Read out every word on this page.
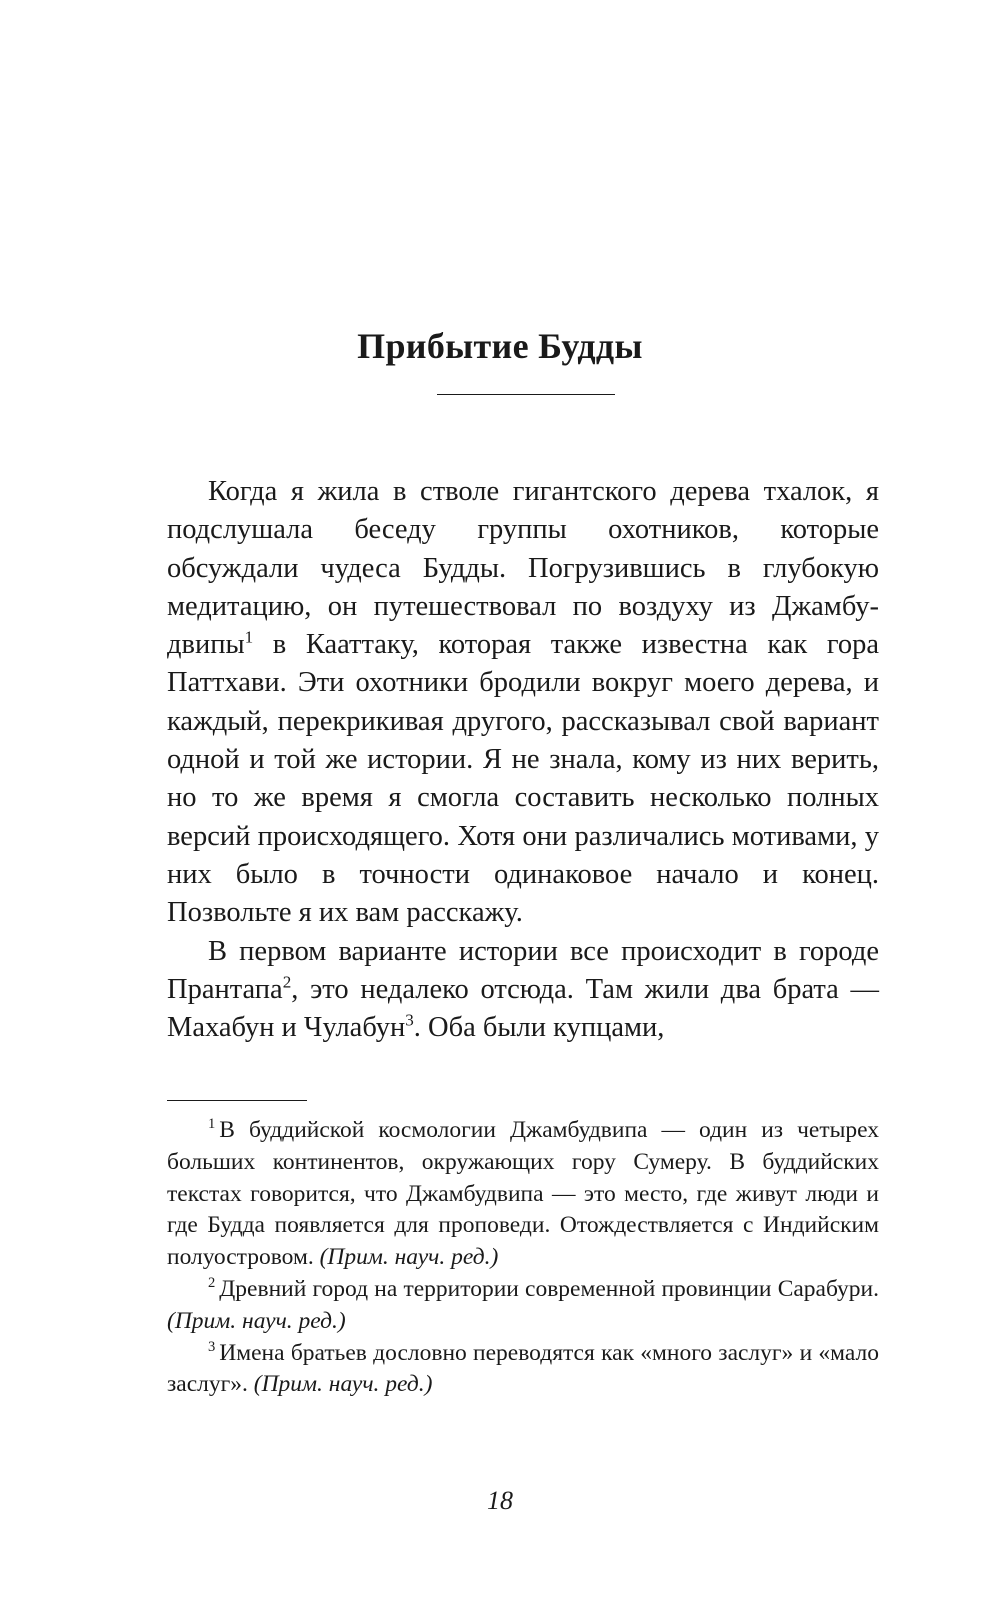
Прибытие Будды

Когда я жила в стволе гигантского дерева тхалок, я подслушала беседу группы охотников, которые обсуждали чудеса Будды. Погрузившись в глубокую медитацию, он путешествовал по воздуху из Джамбудвипы$^1$ в Кааттаку, которая также известна как гора Паттхави. Эти охотники бродили вокруг моего дерева, и каждый, перекрикивая другого, рассказывал свой вариант одной и той же истории. Я не знала, кому из них верить, но то же время я смогла составить несколько полных версий происходящего. Хотя они различались мотивами, у них было в точности одинаковое начало и конец. Позвольте я их вам расскажу.

В первом варианте истории все происходит в городе Прантапа$^2$, это недалеко отсюда. Там жили два брата — Махабун и Чулабун$^3$. Оба были купцами,

$^1$ В буддийской космологии Джамбудвипа — один из четырех больших континентов, окружающих гору Сумеру. В буддийских текстах говорится, что Джамбудвипа — это место, где живут люди и где Будда появляется для проповеди. Отождествляется с Индийским полуостровом. (Прим. науч. ред.)

$^2$ Древний город на территории современной провинции Сарабури. (Прим. науч. ред.)

$^3$ Имена братьев дословно переводятся как «много заслуг» и «мало заслуг». (Прим. науч. ред.)

18
